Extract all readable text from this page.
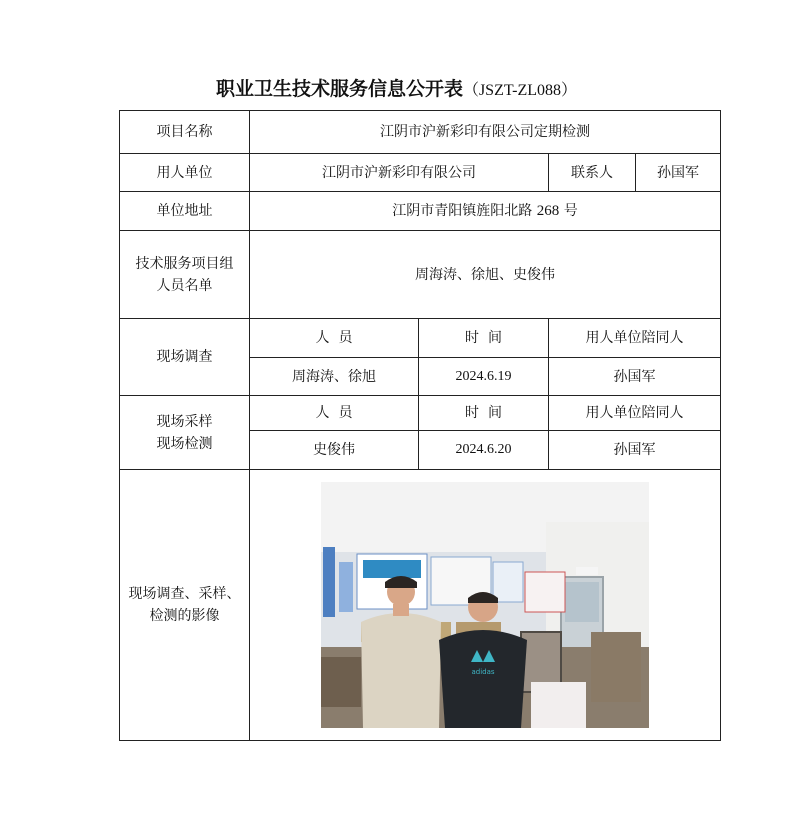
职业卫生技术服务信息公开表（JSZT-ZL088）
项目名称	江阴市沪新彩印有限公司定期检测			
用人单位	江阴市沪新彩印有限公司		联系人	孙国军
单位地址	江阴市青阳镇旌阳北路 268 号			
技术服务项目组
人员名单	周海涛、徐旭、史俊伟			
现场调查	人  员	时  间	用人单位陪同人	
	周海涛、徐旭	2024.6.19	孙国军	
现场采样
现场检测	人  员	时  间	用人单位陪同人	
	史俊伟	2024.6.20	孙国军	
现场调查、采样、
检测的影像	adidas			
